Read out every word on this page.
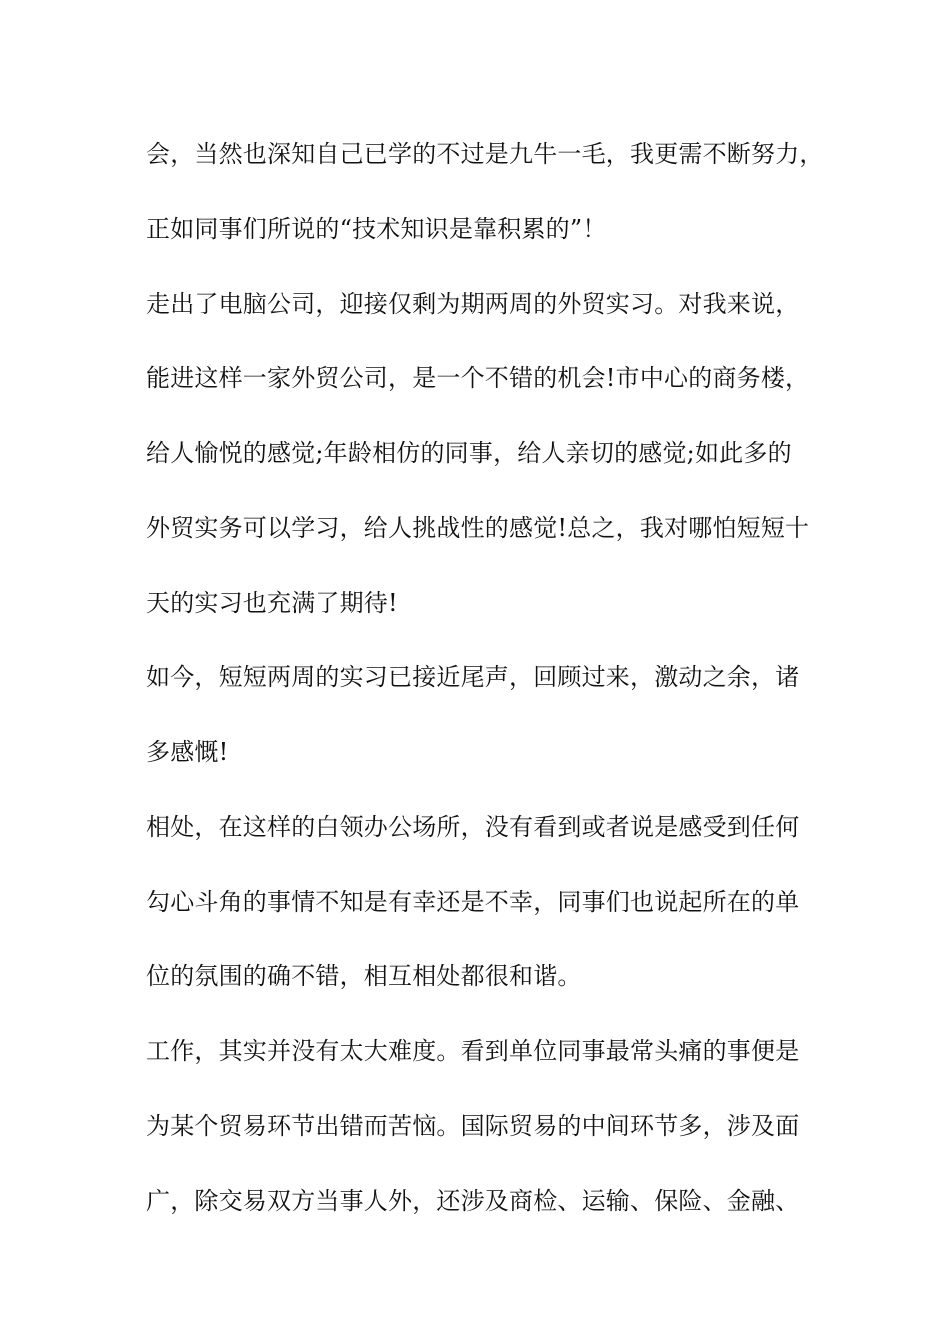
会，当然也深知自己已学的不过是九牛一毛，我更需不断努力，
正如同事们所说的“技术知识是靠积累的”！
走出了电脑公司，迎接仅剩为期两周的外贸实习。对我来说，
能进这样一家外贸公司，是一个不错的机会!市中心的商务楼，
给人愉悦的感觉;年龄相仿的同事，给人亲切的感觉;如此多的
外贸实务可以学习，给人挑战性的感觉!总之，我对哪怕短短十
天的实习也充满了期待!
如今，短短两周的实习已接近尾声，回顾过来，激动之余，诸
多感慨!
相处，在这样的白领办公场所，没有看到或者说是感受到任何
勾心斗角的事情不知是有幸还是不幸，同事们也说起所在的单
位的氛围的确不错，相互相处都很和谐。
工作，其实并没有太大难度。看到单位同事最常头痛的事便是
为某个贸易环节出错而苦恼。国际贸易的中间环节多，涉及面
广，除交易双方当事人外，还涉及商检、运输、保险、金融、
